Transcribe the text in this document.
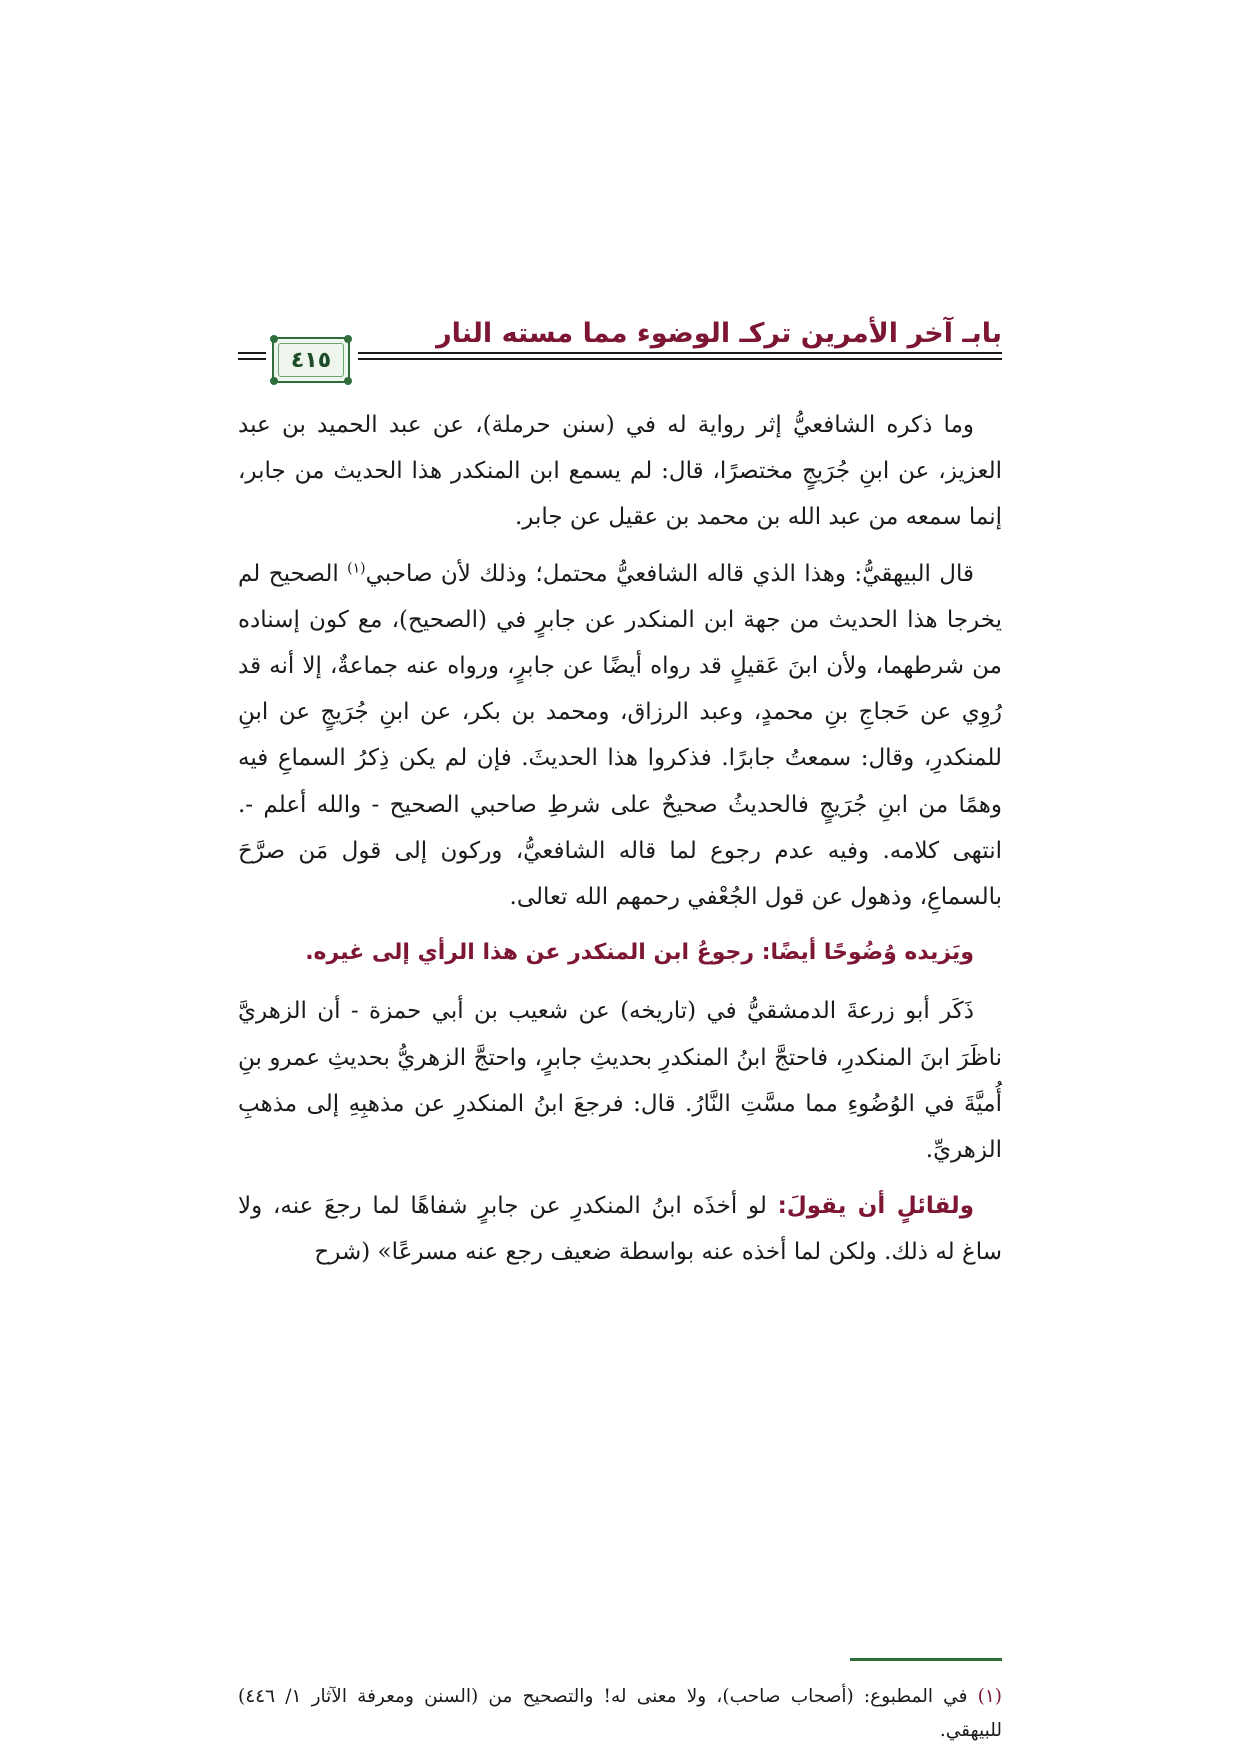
بابـ آخر الأمرين تركـ الوضوء مما مسته النار
٤١٥

وما ذكره الشافعيُّ إثر رواية له في (سنن حرملة)، عن عبد الحميد بن عبد العزيز، عن ابنِ جُرَيجٍ مختصرًا، قال: لم يسمع ابن المنكدر هذا الحديث من جابر، إنما سمعه من عبد الله بن محمد بن عقيل عن جابر.

قال البيهقيُّ: وهذا الذي قاله الشافعيُّ محتمل؛ وذلك لأن صاحبي$^{(١)}$ الصحيح لم يخرجا هذا الحديث من جهة ابن المنكدر عن جابرٍ في (الصحيح)، مع كون إسناده من شرطهما، ولأن ابنَ عَقيلٍ قد رواه أيضًا عن جابرٍ، ورواه عنه جماعةٌ، إلا أنه قد رُوِي عن حَجاجِ بنِ محمدٍ، وعبد الرزاق، ومحمد بن بكر، عن ابنِ جُرَيجٍ عن ابنِ للمنكدرِ، وقال: سمعتُ جابرًا. فذكروا هذا الحديثَ. فإن لم يكن ذِكرُ السماعِ فيه وهمًا من ابنِ جُرَيجٍ فالحديثُ صحيحٌ على شرطِ صاحبي الصحيح - والله أعلم -. انتهى كلامه. وفيه عدم رجوع لما قاله الشافعيُّ، وركون إلى قول مَن صرَّحَ بالسماعِ، وذهول عن قول الجُعْفي رحمهم الله تعالى.

ويَزيده وُضُوحًا أيضًا: رجوعُ ابن المنكدر عن هذا الرأي إلى غيره.

ذَكَر أبو زرعةَ الدمشقيُّ في (تاريخه) عن شعيب بن أبي حمزة - أن الزهريَّ ناظَرَ ابنَ المنكدرِ، فاحتجَّ ابنُ المنكدرِ بحديثِ جابرٍ، واحتجَّ الزهريُّ بحديثِ عمرو بنِ أُميَّةَ في الوُضُوءِ مما مسَّتِ النَّارُ. قال: فرجعَ ابنُ المنكدرِ عن مذهبِهِ إلى مذهبِ الزهريِّ.

ولقائلٍ أن يقولَ: لو أخذَه ابنُ المنكدرِ عن جابرٍ شفاهًا لما رجعَ عنه، ولا ساغ له ذلك. ولكن لما أخذه عنه بواسطة ضعيف رجع عنه مسرعًا» (شرح

(١) في المطبوع: (أصحاب صاحب)، ولا معنى له! والتصحيح من (السنن ومعرفة الآثار ١/ ٤٤٦) للبيهقي.
